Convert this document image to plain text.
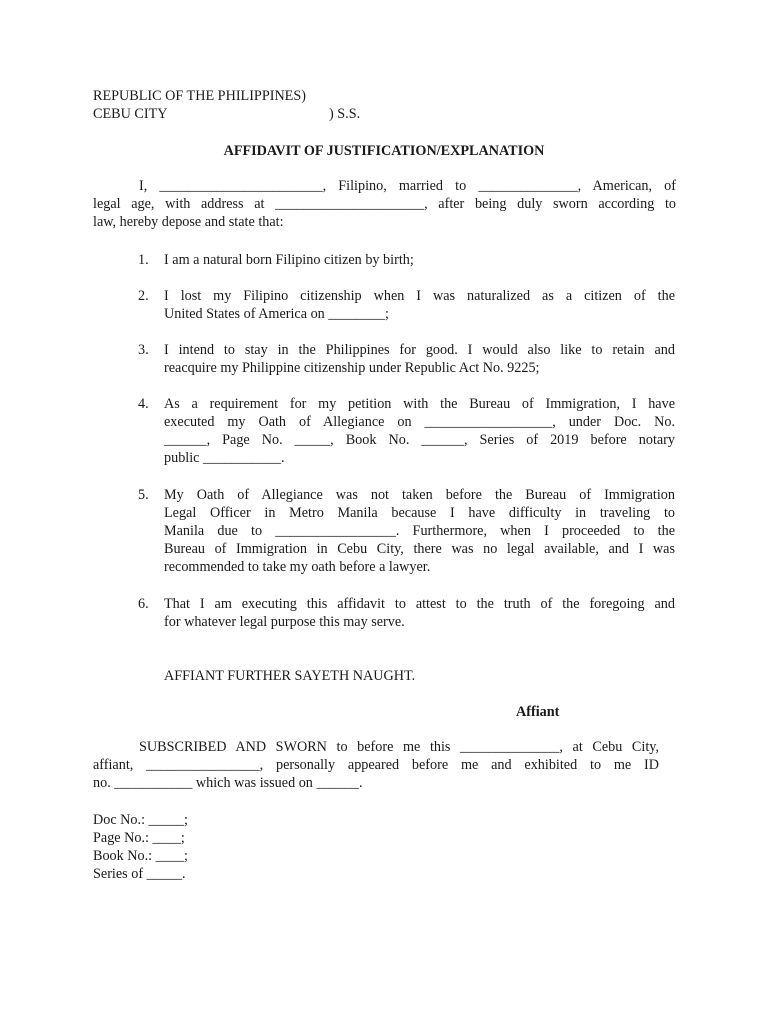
REPUBLIC OF THE PHILIPPINES)
CEBU CITY	) S.S.
AFFIDAVIT OF JUSTIFICATION/EXPLANATION
I, _______________________, Filipino, married to ______________, American, of
legal age, with address at _____________________, after being duly sworn according to
law, hereby depose and state that:
1. I am a natural born Filipino citizen by birth;
2. I lost my Filipino citizenship when I was naturalized as a citizen of the
United States of America on ________;
3. I intend to stay in the Philippines for good. I would also like to retain and
reacquire my Philippine citizenship under Republic Act No. 9225;
4. As a requirement for my petition with the Bureau of Immigration, I have
executed my Oath of Allegiance on __________________, under Doc. No.
______, Page No. _____, Book No. ______, Series of 2019 before notary
public ___________.
5. My Oath of Allegiance was not taken before the Bureau of Immigration
Legal Officer in Metro Manila because I have difficulty in traveling to
Manila due to _________________. Furthermore, when I proceeded to the
Bureau of Immigration in Cebu City, there was no legal available, and I was
recommended to take my oath before a lawyer.
6. That I am executing this affidavit to attest to the truth of the foregoing and
for whatever legal purpose this may serve.
AFFIANT FURTHER SAYETH NAUGHT.
Affiant
SUBSCRIBED AND SWORN to before me this ______________, at Cebu City,
affiant, ________________, personally appeared before me and exhibited to me ID
no. ___________ which was issued on ______.
Doc No.: _____;
Page No.: ____;
Book No.: ____;
Series of _____.
